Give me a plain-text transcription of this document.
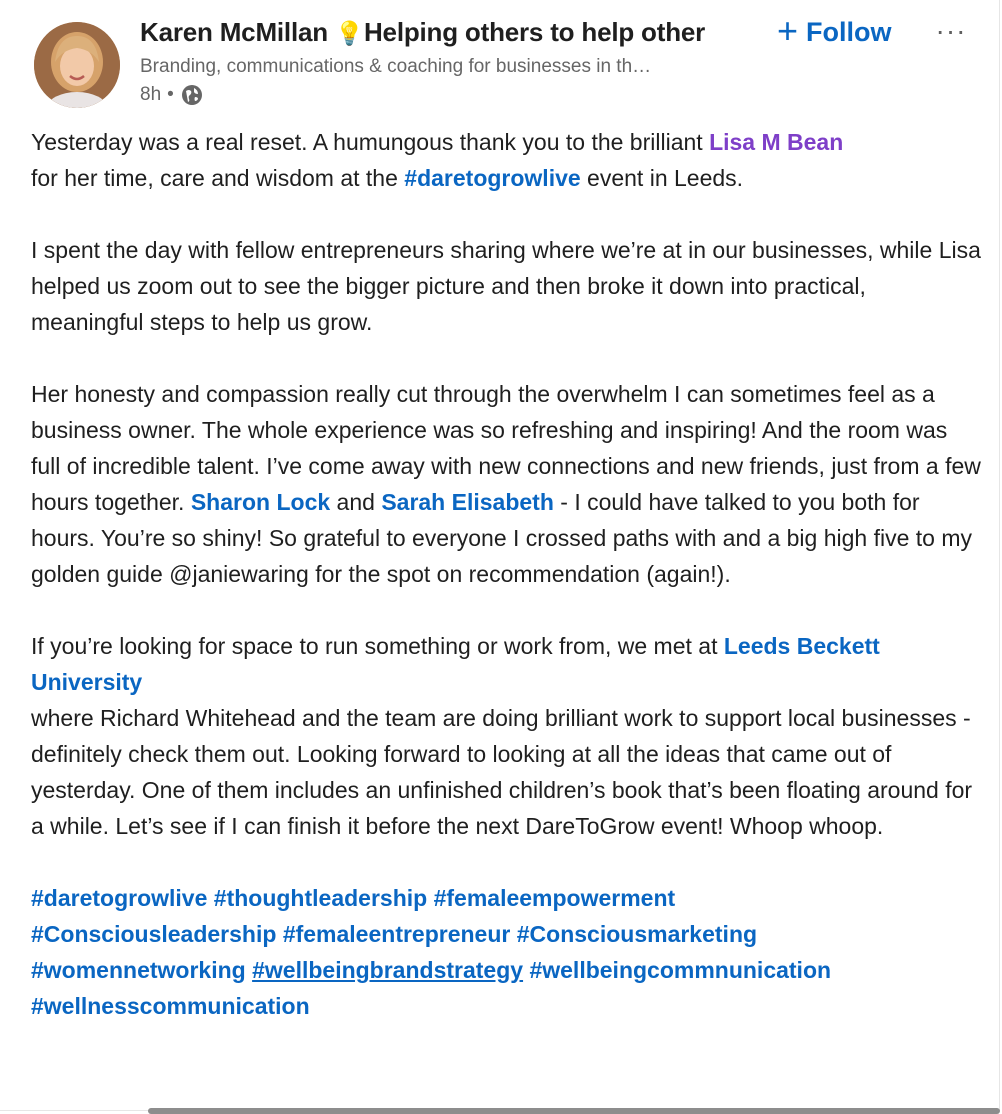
Karen McMillan 💡 Helping others to help other
Branding, communications & coaching for businesses in th…
8h •
+ Follow ···

Yesterday was a real reset. A humungous thank you to the brilliant Lisa M Bean
for her time, care and wisdom at the #daretogrowlive event in Leeds.

I spent the day with fellow entrepreneurs sharing where we’re at in our businesses, while Lisa helped us zoom out to see the bigger picture and then broke it down into practical, meaningful steps to help us grow.

Her honesty and compassion really cut through the overwhelm I can sometimes feel as a business owner. The whole experience was so refreshing and inspiring! And the room was full of incredible talent. I’ve come away with new connections and new friends, just from a few hours together. Sharon Lock and Sarah Elisabeth - I could have talked to you both for hours. You’re so shiny! So grateful to everyone I crossed paths with and a big high five to my golden guide @janiewaring for the spot on recommendation (again!).

If you’re looking for space to run something or work from, we met at Leeds Beckett University
where Richard Whitehead and the team are doing brilliant work to support local businesses - definitely check them out. Looking forward to looking at all the ideas that came out of yesterday. One of them includes an unfinished children’s book that’s been floating around for a while. Let’s see if I can finish it before the next DareToGrow event! Whoop whoop.

#daretogrowlive #thoughtleadership #femaleempowerment
#Consciousleadership #femaleentrepreneur #Consciousmarketing
#womennetworking #wellbeingbrandstrategy #wellbeingcommnunication
#wellnesscommunication
